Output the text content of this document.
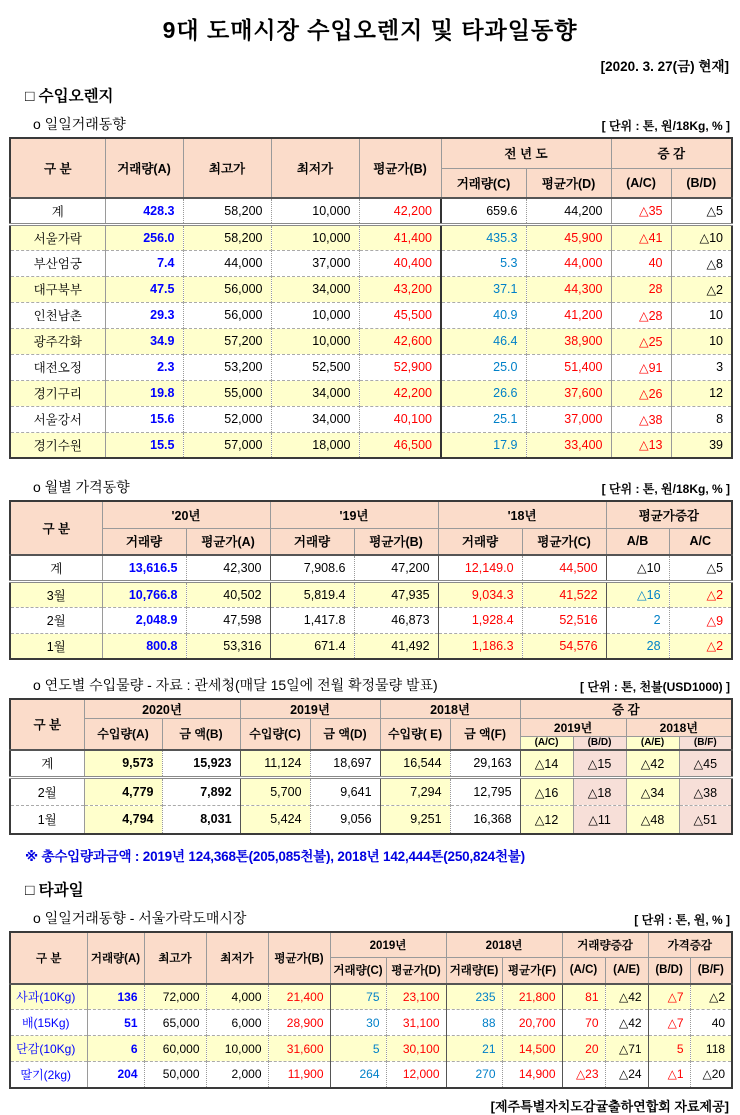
9대 도매시장 수입오렌지 및 타과일동향
[2020. 3. 27(금) 현재]
□ 수입오렌지
o 일일거래동향	[ 단위 : 톤, 원/18Kg, % ]
구 분	거래량(A)	최고가	최저가	평균가(B)	전 년 도		증 감	
					거래량(C)	평균가(D)	(A/C)	(B/D)
계	428.3	58,200	10,000	42,200	659.6	44,200	△35	△5
서울가락	256.0	58,200	10,000	41,400	435.3	45,900	△41	△10
부산엄궁	7.4	44,000	37,000	40,400	5.3	44,000	40	△8
대구북부	47.5	56,000	34,000	43,200	37.1	44,300	28	△2
인천남촌	29.3	56,000	10,000	45,500	40.9	41,200	△28	10
광주각화	34.9	57,200	10,000	42,600	46.4	38,900	△25	10
대전오정	2.3	53,200	52,500	52,900	25.0	51,400	△91	3
경기구리	19.8	55,000	34,000	42,200	26.6	37,600	△26	12
서울강서	15.6	52,000	34,000	40,100	25.1	37,000	△38	8
경기수원	15.5	57,000	18,000	46,500	17.9	33,400	△13	39
o 월별 가격동향	[ 단위 : 톤, 원/18Kg, % ]
구 분	'20년		'19년		'18년		평균가증감	
	거래량	평균가(A)	거래량	평균가(B)	거래량	평균가(C)	A/B	A/C
계	13,616.5	42,300	7,908.6	47,200	12,149.0	44,500	△10	△5
3월	10,766.8	40,502	5,819.4	47,935	9,034.3	41,522	△16	△2
2월	2,048.9	47,598	1,417.8	46,873	1,928.4	52,516	2	△9
1월	800.8	53,316	671.4	41,492	1,186.3	54,576	28	△2
o 연도별 수입물량 - 자료 : 관세청(매달 15일에 전월 확정물량 발표)	[ 단위 : 톤, 천불(USD1000) ]
구 분	2020년		2019년		2018년		증 감			
	수입량(A)	금 액(B)	수입량(C)	금 액(D)	수입량( E)	금 액(F)	2019년		2018년	
							(A/C)	(B/D)	(A/E)	(B/F)
계	9,573	15,923	11,124	18,697	16,544	29,163	△14	△15	△42	△45
2월	4,779	7,892	5,700	9,641	7,294	12,795	△16	△18	△34	△38
1월	4,794	8,031	5,424	9,056	9,251	16,368	△12	△11	△48	△51
※ 총수입량과금액 : 2019년 124,368톤(205,085천불), 2018년 142,444톤(250,824천불)
□ 타과일
o 일일거래동향 - 서울가락도매시장	[ 단위 : 톤, 원, % ]
구 분	거래량(A)	최고가	최저가	평균가(B)	2019년		2018년		거래량증감		가격증감	
					거래량(C)	평균가(D)	거래량(E)	평균가(F)	(A/C)	(A/E)	(B/D)	(B/F)
사과(10Kg)	136	72,000	4,000	21,400	75	23,100	235	21,800	81	△42	△7	△2
배(15Kg)	51	65,000	6,000	28,900	30	31,100	88	20,700	70	△42	△7	40
단감(10Kg)	6	60,000	10,000	31,600	5	30,100	21	14,500	20	△71	5	118
딸기(2kg)	204	50,000	2,000	11,900	264	12,000	270	14,900	△23	△24	△1	△20
[제주특별자치도감귤출하연합회 자료제공]
